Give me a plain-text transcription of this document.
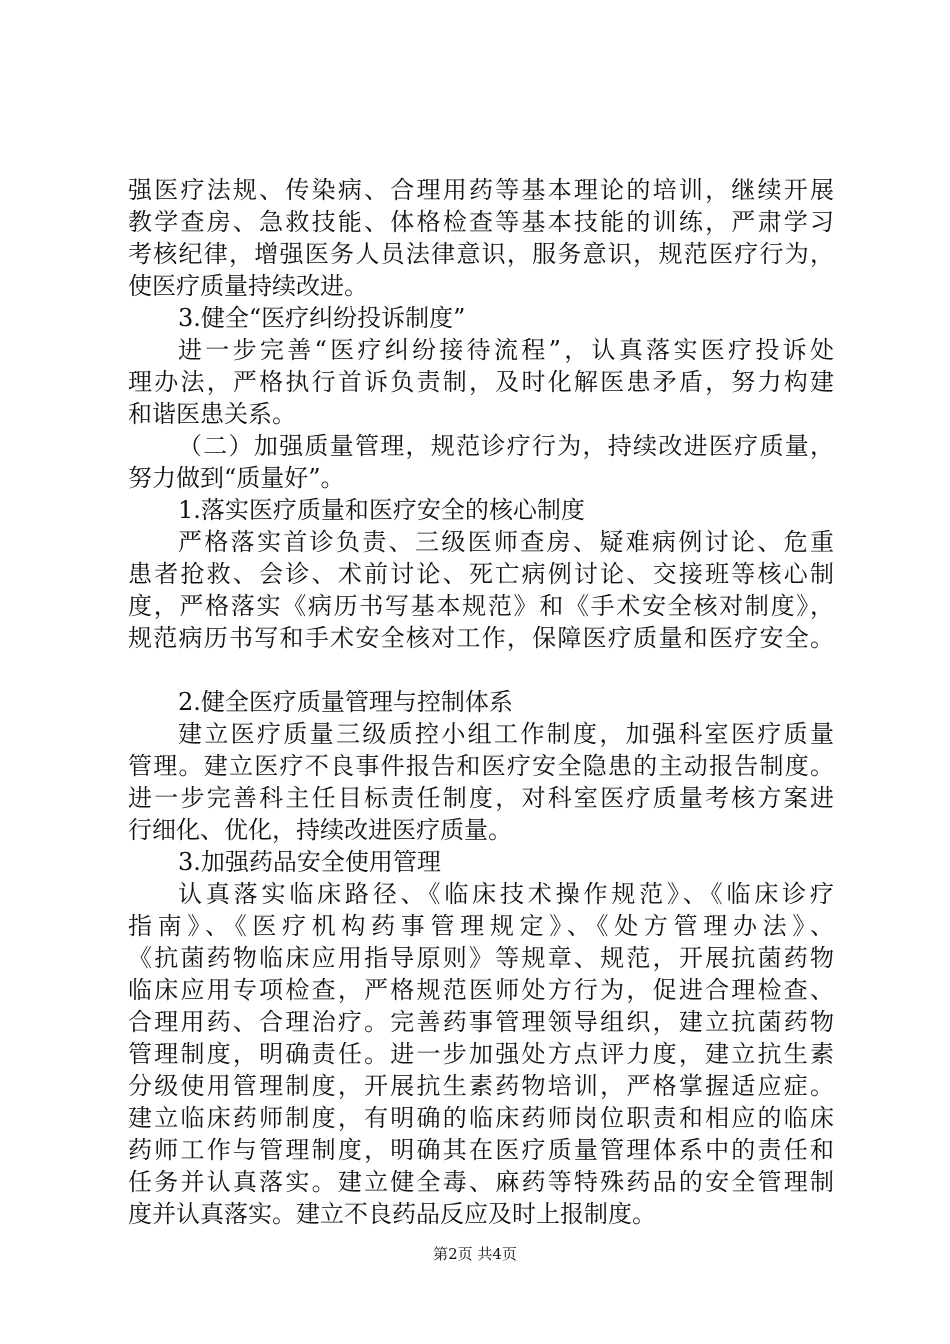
强医疗法规、传染病、合理用药等基本理论的培训，继续开展
教学查房、急救技能、体格检查等基本技能的训练，严肃学习
考核纪律，增强医务人员法律意识，服务意识，规范医疗行为，
使医疗质量持续改进。
3.健全“医疗纠纷投诉制度”
进一步完善“医疗纠纷接待流程”，认真落实医疗投诉处
理办法，严格执行首诉负责制，及时化解医患矛盾，努力构建
和谐医患关系。
（二）加强质量管理，规范诊疗行为，持续改进医疗质量，
努力做到“质量好”。
1.落实医疗质量和医疗安全的核心制度
严格落实首诊负责、三级医师查房、疑难病例讨论、危重
患者抢救、会诊、术前讨论、死亡病例讨论、交接班等核心制
度，严格落实《病历书写基本规范》和《手术安全核对制度》，
规范病历书写和手术安全核对工作，保障医疗质量和医疗安全。
2.健全医疗质量管理与控制体系
建立医疗质量三级质控小组工作制度，加强科室医疗质量
管理。建立医疗不良事件报告和医疗安全隐患的主动报告制度。
进一步完善科主任目标责任制度，对科室医疗质量考核方案进
行细化、优化，持续改进医疗质量。
3.加强药品安全使用管理
认真落实临床路径、《临床技术操作规范》、《临床诊疗
指南》、《医疗机构药事管理规定》、《处方管理办法》、
《抗菌药物临床应用指导原则》等规章、规范，开展抗菌药物
临床应用专项检查，严格规范医师处方行为，促进合理检查、
合理用药、合理治疗。完善药事管理领导组织，建立抗菌药物
管理制度，明确责任。进一步加强处方点评力度，建立抗生素
分级使用管理制度，开展抗生素药物培训，严格掌握适应症。
建立临床药师制度，有明确的临床药师岗位职责和相应的临床
药师工作与管理制度，明确其在医疗质量管理体系中的责任和
任务并认真落实。建立健全毒、麻药等特殊药品的安全管理制
度并认真落实。建立不良药品反应及时上报制度。
第2页 共4页
